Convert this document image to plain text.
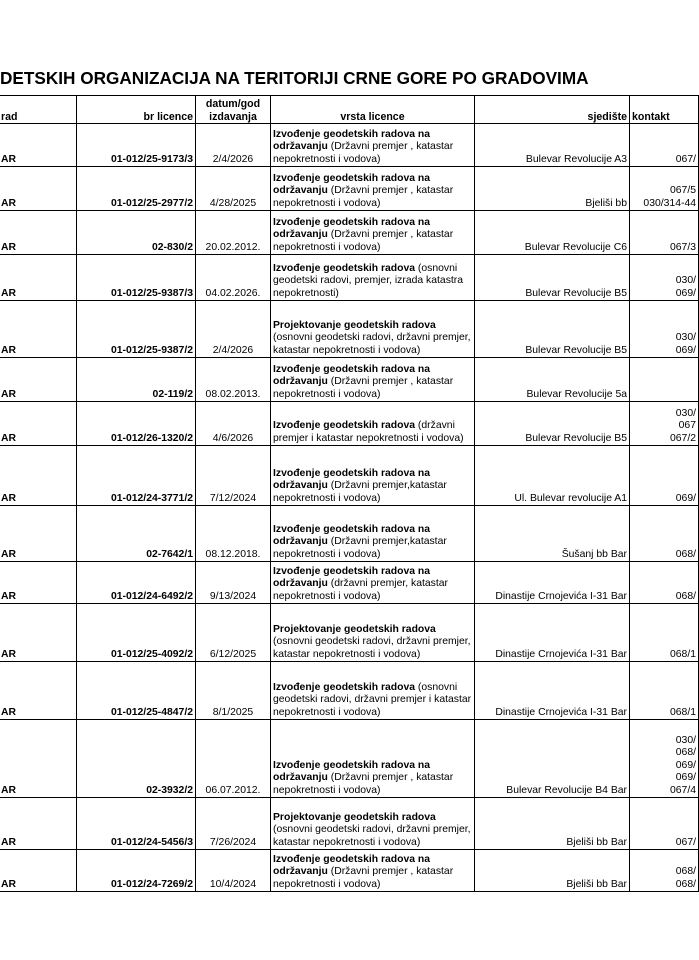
DETSKIH ORGANIZACIJA NA TERITORIJI CRNE GORE PO GRADOVIMA
rad	br licence	datum/god
izdavanja	vrsta licence	sjedište	kontakt
AR	01-012/25-9173/3	2/4/2026	Izvođenje geodetskih radova na održavanju (Državni premjer , katastar nepokretnosti i vodova)	Bulevar Revolucije A3	067/

AR	01-012/25-2977/2	4/28/2025	Izvođenje geodetskih radova na održavanju (Državni premjer , katastar nepokretnosti i vodova)	Bjeliši bb	067/5
030/314-44

AR	02-830/2	20.02.2012.	Izvođenje geodetskih radova na održavanju (Državni premjer , katastar nepokretnosti i vodova)	Bulevar Revolucije C6	067/3

AR	01-012/25-9387/3	04.02.2026.	Izvođenje geodetskih radova (osnovni geodetski radovi, premjer, izrada katastra nepokretnosti)	Bulevar Revolucije B5	030/
069/

AR	01-012/25-9387/2	2/4/2026	Projektovanje geodetskih radova (osnovni geodetski radovi, državni premjer, katastar nepokretnosti i vodova)	Bulevar Revolucije B5	030/
069/

AR	02-119/2	08.02.2013.	Izvođenje geodetskih radova na održavanju (Državni premjer , katastar nepokretnosti i vodova)	Bulevar Revolucije 5a	
AR	01-012/26-1320/2	4/6/2026	Izvođenje geodetskih radova (državni premjer i katastar nepokretnosti i vodova)	Bulevar Revolucije B5	030/
067
067/2

AR	01-012/24-3771/2	7/12/2024	Izvođenje geodetskih radova na održavanju (Državni premjer,katastar nepokretnosti i vodova)	Ul. Bulevar revolucije A1	069/

AR	02-7642/1	08.12.2018.	Izvođenje geodetskih radova na održavanju (Državni premjer,katastar nepokretnosti i vodova)	Šušanj bb Bar	068/

AR	01-012/24-6492/2	9/13/2024	Izvođenje geodetskih radova na održavanju (državni premjer, katastar nepokretnosti i vodova)	Dinastije Crnojevića I-31 Bar	068/

AR	01-012/25-4092/2	6/12/2025	Projektovanje geodetskih radova (osnovni geodetski radovi, državni premjer, katastar nepokretnosti i vodova)	Dinastije Crnojevića I-31 Bar	068/1

AR	01-012/25-4847/2	8/1/2025	Izvođenje geodetskih radova (osnovni geodetski radovi, državni premjer i katastar nepokretnosti i vodova)	Dinastije Crnojevića I-31 Bar	068/1

AR	02-3932/2	06.07.2012.	Izvođenje geodetskih radova na održavanju (Državni premjer , katastar nepokretnosti i vodova)	Bulevar Revolucije B4 Bar	030/
068/
069/
069/
067/4

AR	01-012/24-5456/3	7/26/2024	Projektovanje geodetskih radova (osnovni geodetski radovi, državni premjer, katastar nepokretnosti i vodova)	Bjeliši bb Bar	067/

AR	01-012/24-7269/2	10/4/2024	Izvođenje geodetskih radova na održavanju (Državni premjer , katastar nepokretnosti i vodova)	Bjeliši bb Bar	068/
068/
